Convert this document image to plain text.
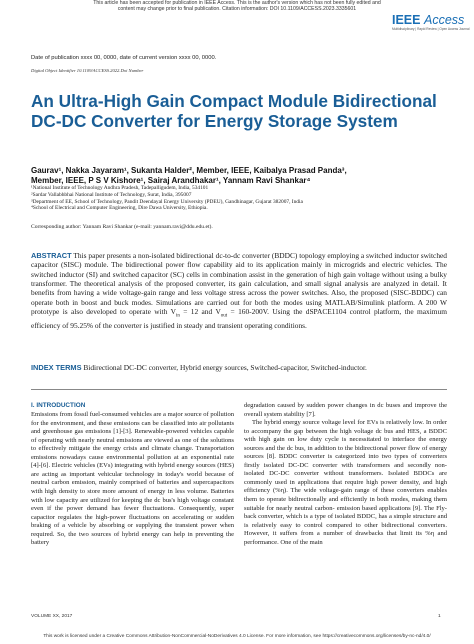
This article has been accepted for publication in IEEE Access. This is the author's version which has not been fully edited and
content may change prior to final publication. Citation information: DOI 10.1109/ACCESS.2023.3335601
IEEE Access
Multidisciplinary | Rapid Review | Open Access Journal
Date of publication xxxx 00, 0000, date of current version xxxx 00, 0000.
Digital Object Identifier 10.1109/ACCESS.2022.Doi Number
An Ultra-High Gain Compact Module Bidirectional DC-DC Converter for Energy Storage System
Gaurav¹, Nakka Jayaram¹, Sukanta Halder², Member, IEEE, Kaibalya Prasad Panda³,
Member, IEEE, P S V Kishore¹, Sairaj Arandhakar¹, Yannam Ravi Shankar⁴
¹National Institute of Technology Andhra Pradesh, Tadepalligudem, India, 534101
²Sardar Vallabhbhai National Institute of Technology, Surat, India, 395007
³Department of EE, School of Technology, Pandit Deendayal Energy University (PDEU), Gandhinagar, Gujarat 382007, India
⁴School of Electrical and Computer Engineering, Dire Dawa University, Ethiopia.
Corresponding author: Yannam Ravi Shankar (e-mail: yannam.ravi@ddu.edu.et).
ABSTRACT This paper presents a non-isolated bidirectional dc-to-dc converter (BDDC) topology employing a switched inductor switched capacitor (SISC) module. The bidirectional power flow capability aid to its application mainly in microgrids and electric vehicles. The switched inductor (SI) and switched capacitor (SC) cells in combination assist in the generation of high gain voltage without using a bulky transformer. The theoretical analysis of the proposed converter, its gain calculation, and small signal analysis are analyzed in detail. It benefits from having a wide voltage-gain range and less voltage stress across the power switches. Also, the proposed (SISC-BDDC) can operate both in boost and buck modes. Simulations are carried out for both the modes using MATLAB/Simulink platform. A 200 W prototype is also developed to operate with $V_{in} = 12$ and $V_{out} = 160-200V$. Using the dSPACE1104 control platform, the maximum efficiency of 95.25% of the converter is justified in steady and transient operating conditions.
INDEX TERMS Bidirectional DC-DC converter, Hybrid energy sources, Switched-capacitor, Switched-inductor.
I. INTRODUCTION

Emissions from fossil fuel-consumed vehicles are a major source of pollution for the environment, and these emissions can be classified into air pollutants and greenhouse gas emissions [1]-[3]. Renewable-powered vehicles capable of operating with nearly neutral emissions are viewed as one of the solutions to effectively mitigate the energy crisis and climate change. Transportation emissions nowadays cause environmental pollution at an exponential rate [4]-[6]. Electric vehicles (EVs) integrating with hybrid energy sources (HES) are acting as important vehicular technology in today's world because of neutral carbon emission, mainly comprised of batteries and supercapacitors with high density to store more amount of energy in less volume. Batteries with low capacity are utilized for keeping the dc bus's high voltage constant even if the power demand has fewer fluctuations. Consequently, super capacitor regulates the high-power fluctuations on accelerating or sudden braking of a vehicle by absorbing or supplying the transient power when required. So, the two sources of hybrid energy can help in preventing the battery

degradation caused by sudden power changes in dc buses and improve the overall system stability [7].

The hybrid energy source voltage level for EVs is relatively low. In order to accompany the gap between the high voltage dc bus and HES, a BDDC with high gain on low duty cycle is necessitated to interface the energy sources and the dc bus, in addition to the bidirectional power flow of energy sources [8]. BDDC converter is categorized into two types of converters firstly isolated DC-DC converter with transformers and secondly non-isolated DC-DC converter without transformers. Isolated BDDCs are commonly used in applications that require high power density, and high efficiency (%η). The wide voltage-gain range of these converters enables them to operate bidirectionally and efficiently in both modes, making them suitable for nearly neutral carbon- emission based applications [9]. The Fly-back converter, which is a type of isolated BDDC, has a simple structure and is relatively easy to control compared to other bidirectional converters. However, it suffers from a number of drawbacks that limit its %η and performance. One of the main

VOLUME XX, 2017	1
This work is licensed under a Creative Commons Attribution-NonCommercial-NoDerivatives 4.0 License. For more information, see https://creativecommons.org/licenses/by-nc-nd/4.0/
